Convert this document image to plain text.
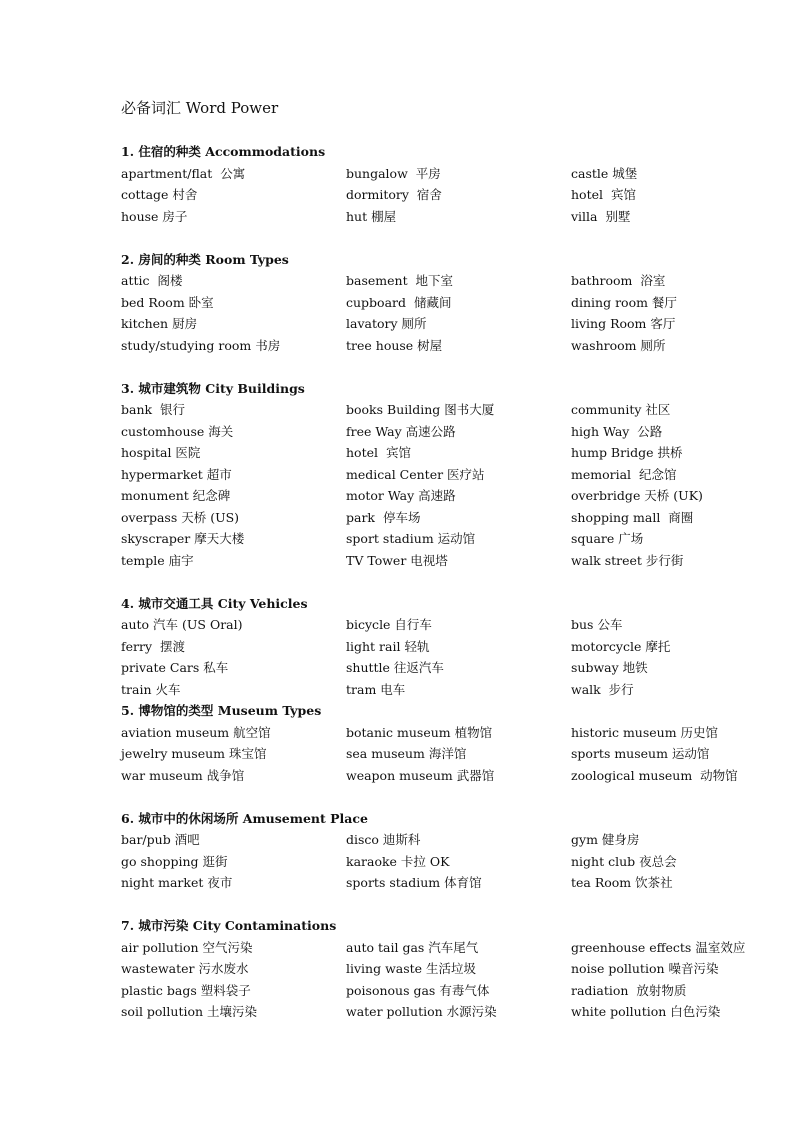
必备词汇 Word Power
1. 住宿的种类 Accommodations
apartment/flat  公寓	bungalow  平房	castle 城堡
cottage 村舍	dormitory  宿舍	hotel  宾馆
house 房子	hut 棚屋	villa  别墅
2. 房间的种类 Room Types
attic  阁楼	basement  地下室	bathroom  浴室
bed Room 卧室	cupboard  储藏间	dining room 餐厅
kitchen 厨房	lavatory 厕所	living Room 客厅
study/studying room 书房	tree house 树屋	washroom 厕所
3. 城市建筑物 City Buildings
bank  银行	books Building 图书大厦	community 社区
customhouse 海关	free Way 高速公路	high Way  公路
hospital 医院	hotel  宾馆	hump Bridge 拱桥
hypermarket 超市	medical Center 医疗站	memorial  纪念馆
monument 纪念碑	motor Way 高速路	overbridge 天桥 (UK)
overpass 天桥 (US)	park  停车场	shopping mall  商圈
skyscraper 摩天大楼	sport stadium 运动馆	square 广场
temple 庙宇	TV Tower 电视塔	walk street 步行街
4. 城市交通工具 City Vehicles
auto 汽车 (US Oral)	bicycle 自行车	bus 公车
ferry  摆渡	light rail 轻轨	motorcycle 摩托
private Cars 私车	shuttle 往返汽车	subway 地铁
train 火车	tram 电车	walk  步行
5. 博物馆的类型 Museum Types
aviation museum 航空馆	botanic museum 植物馆	historic museum 历史馆
jewelry museum 珠宝馆	sea museum 海洋馆	sports museum 运动馆
war museum 战争馆	weapon museum 武器馆	zoological museum  动物馆
6. 城市中的休闲场所 Amusement Place
bar/pub 酒吧	disco 迪斯科	gym 健身房
go shopping 逛街	karaoke 卡拉 OK	night club 夜总会
night market 夜市	sports stadium 体育馆	tea Room 饮茶社
7. 城市污染 City Contaminations
air pollution 空气污染	auto tail gas 汽车尾气	greenhouse effects 温室效应
wastewater 污水废水	living waste 生活垃圾	noise pollution 噪音污染
plastic bags 塑料袋子	poisonous gas 有毒气体	radiation  放射物质
soil pollution 土壤污染	water pollution 水源污染	white pollution 白色污染
